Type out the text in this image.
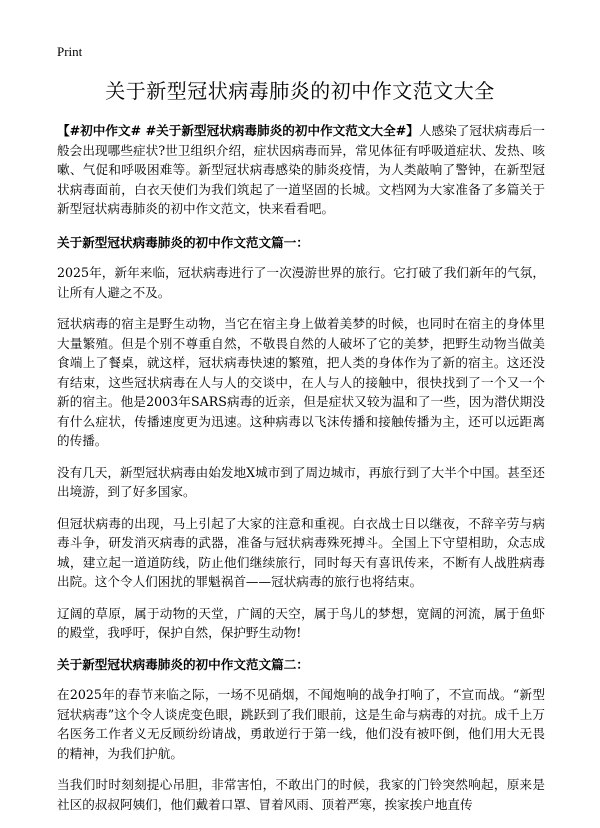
Print
关于新型冠状病毒肺炎的初中作文范文大全

【#初中作文# #关于新型冠状病毒肺炎的初中作文范文大全#】人感染了冠状病毒后一般会出现哪些症状?世卫组织介绍，症状因病毒而异，常见体征有呼吸道症状、发热、咳嗽、气促和呼吸困难等。新型冠状病毒感染的肺炎疫情，为人类敲响了警钟，在新型冠状病毒面前，白衣天使们为我们筑起了一道坚固的长城。文档网为大家准备了多篇关于新型冠状病毒肺炎的初中作文范文，快来看看吧。

关于新型冠状病毒肺炎的初中作文范文篇一：

2025年，新年来临，冠状病毒进行了一次漫游世界的旅行。它打破了我们新年的气氛，让所有人避之不及。

冠状病毒的宿主是野生动物，当它在宿主身上做着美梦的时候，也同时在宿主的身体里大量繁殖。但是个别不尊重自然，不敬畏自然的人破坏了它的美梦，把野生动物当做美食端上了餐桌，就这样，冠状病毒快速的繁殖，把人类的身体作为了新的宿主。这还没有结束，这些冠状病毒在人与人的交谈中，在人与人的接触中，很快找到了一个又一个新的宿主。他是2003年SARS病毒的近亲，但是症状又较为温和了一些，因为潜伏期没有什么症状，传播速度更为迅速。这种病毒以飞沫传播和接触传播为主，还可以远距离的传播。

没有几天，新型冠状病毒由始发地X城市到了周边城市，再旅行到了大半个中国。甚至还出境游，到了好多国家。

但冠状病毒的出现，马上引起了大家的注意和重视。白衣战士日以继夜，不辞辛劳与病毒斗争，研发消灭病毒的武器，准备与冠状病毒殊死搏斗。全国上下守望相助，众志成城，建立起一道道防线，防止他们继续旅行，同时每天有喜讯传来，不断有人战胜病毒出院。这个令人们困扰的罪魁祸首——冠状病毒的旅行也将结束。

辽阔的草原，属于动物的天堂，广阔的天空，属于鸟儿的梦想，宽阔的河流，属于鱼虾的殿堂，我呼吁，保护自然，保护野生动物!

关于新型冠状病毒肺炎的初中作文范文篇二：

在2025年的春节来临之际，一场不见硝烟，不闻炮响的战争打响了，不宣而战。“新型冠状病毒”这个令人谈虎变色眼，跳跃到了我们眼前，这是生命与病毒的对抗。成千上万名医务工作者义无反顾纷纷请战，勇敢逆行于第一线，他们没有被吓倒，他们用大无畏的精神，为我们护航。

当我们时时刻刻提心吊胆，非常害怕，不敢出门的时候，我家的门铃突然响起，原来是社区的叔叔阿姨们，他们戴着口罩、冒着风雨、顶着严寒，挨家挨户地直传
